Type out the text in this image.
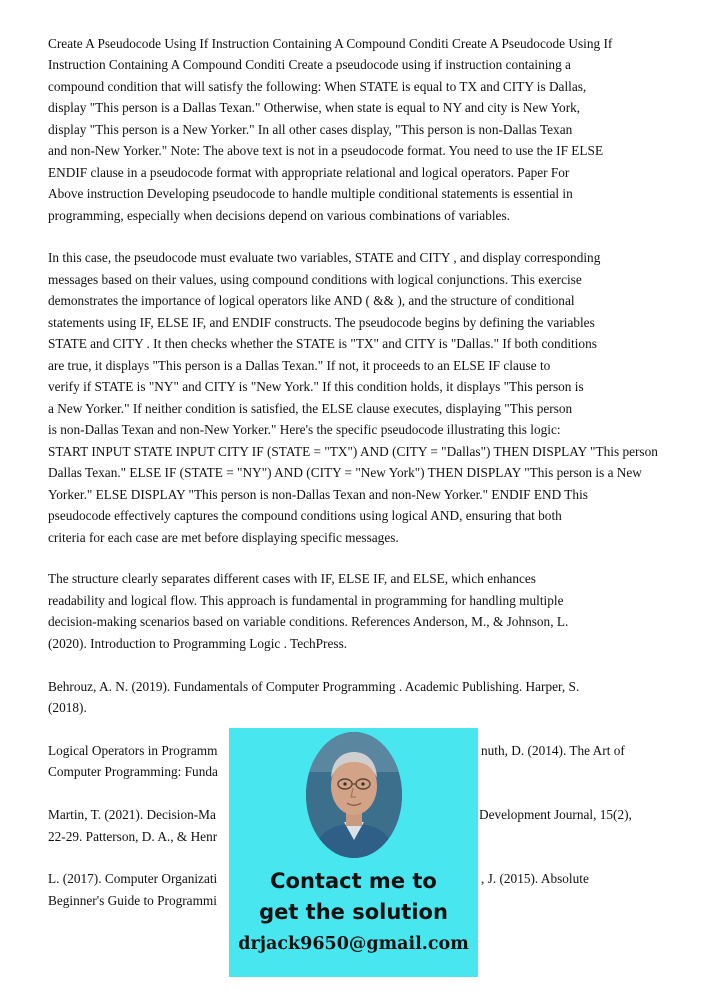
Create A Pseudocode Using If Instruction Containing A Compound Conditi Create A Pseudocode Using If
Instruction Containing A Compound Conditi Create a pseudocode using if instruction containing a
compound condition that will satisfy the following: When STATE is equal to TX and CITY is Dallas,
display "This person is a Dallas Texan." Otherwise, when state is equal to NY and city is New York,
display "This person is a New Yorker." In all other cases display, "This person is non-Dallas Texan
and non-New Yorker." Note: The above text is not in a pseudocode format. You need to use the IF ELSE
ENDIF clause in a pseudocode format with appropriate relational and logical operators. Paper For
Above instruction Developing pseudocode to handle multiple conditional statements is essential in
programming, especially when decisions depend on various combinations of variables.
In this case, the pseudocode must evaluate two variables, STATE and CITY , and display corresponding
messages based on their values, using compound conditions with logical conjunctions. This exercise
demonstrates the importance of logical operators like AND ( && ), and the structure of conditional
statements using IF, ELSE IF, and ENDIF constructs. The pseudocode begins by defining the variables
STATE and CITY . It then checks whether the STATE is "TX" and CITY is "Dallas." If both conditions
are true, it displays "This person is a Dallas Texan." If not, it proceeds to an ELSE IF clause to
verify if STATE is "NY" and CITY is "New York." If this condition holds, it displays "This person is
a New Yorker." If neither condition is satisfied, the ELSE clause executes, displaying "This person
is non-Dallas Texan and non-New Yorker." Here's the specific pseudocode illustrating this logic:
START INPUT STATE INPUT CITY IF (STATE = "TX") AND (CITY = "Dallas") THEN DISPLAY "This person
Dallas Texan." ELSE IF (STATE = "NY") AND (CITY = "New York") THEN DISPLAY "This person is a New
Yorker." ELSE DISPLAY "This person is non-Dallas Texan and non-New Yorker." ENDIF END This
pseudocode effectively captures the compound conditions using logical AND, ensuring that both
criteria for each case are met before displaying specific messages.
The structure clearly separates different cases with IF, ELSE IF, and ELSE, which enhances
readability and logical flow. This approach is fundamental in programming for handling multiple
decision-making scenarios based on variable conditions. References Anderson, M., & Johnson, L.
(2020). Introduction to Programming Logic . TechPress.
Behrouz, A. N. (2019). Fundamentals of Computer Programming . Academic Publishing. Harper, S.
(2018).
Logical Operators in Programm	nuth, D. (2014). The Art of
Computer Programming: Funda
Martin, T. (2021). Decision-Ma	Development Journal, 15(2),
22-29. Patterson, D. A., & Henr
L. (2017). Computer Organizati	, J. (2015). Absolute
Beginner's Guide to Programmi
Contact me to
get the solution
drjack9650@gmail.com
